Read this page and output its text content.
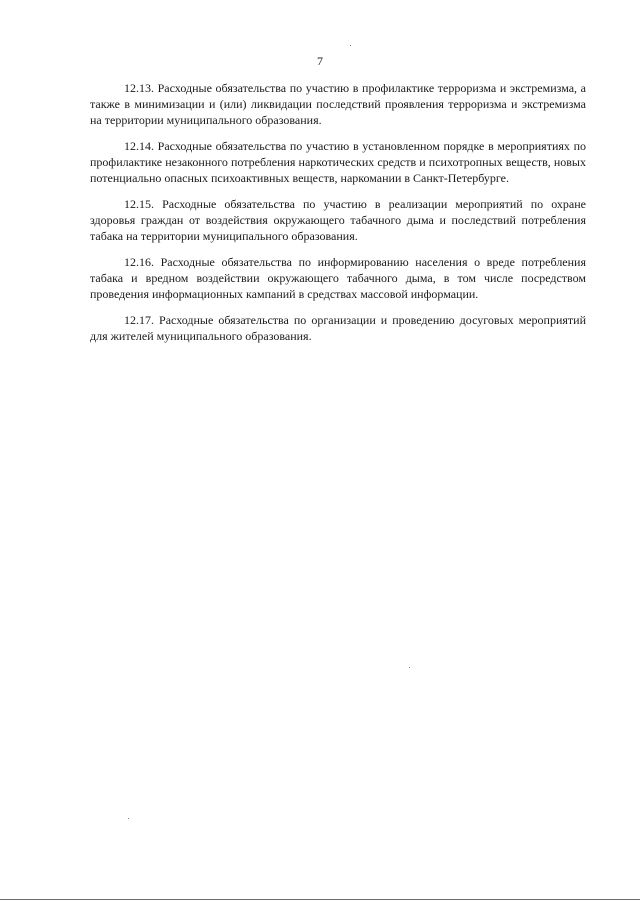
7

12.13. Расходные обязательства по участию в профилактике терроризма и экстремизма, а также в минимизации и (или) ликвидации последствий проявления терроризма и экстремизма на территории муниципального образования.

12.14. Расходные обязательства по участию в установленном порядке в мероприятиях по профилактике незаконного потребления наркотических средств и психотропных веществ, новых потенциально опасных психоактивных веществ, наркомании в Санкт-Петербурге.

12.15. Расходные обязательства по участию в реализации мероприятий по охране здоровья граждан от воздействия окружающего табачного дыма и последствий потребления табака на территории муниципального образования.

12.16. Расходные обязательства по информированию населения о вреде потребления табака и вредном воздействии окружающего табачного дыма, в том числе посредством проведения информационных кампаний в средствах массовой информации.

12.17. Расходные обязательства по организации и проведению досуговых мероприятий для жителей муниципального образования.
